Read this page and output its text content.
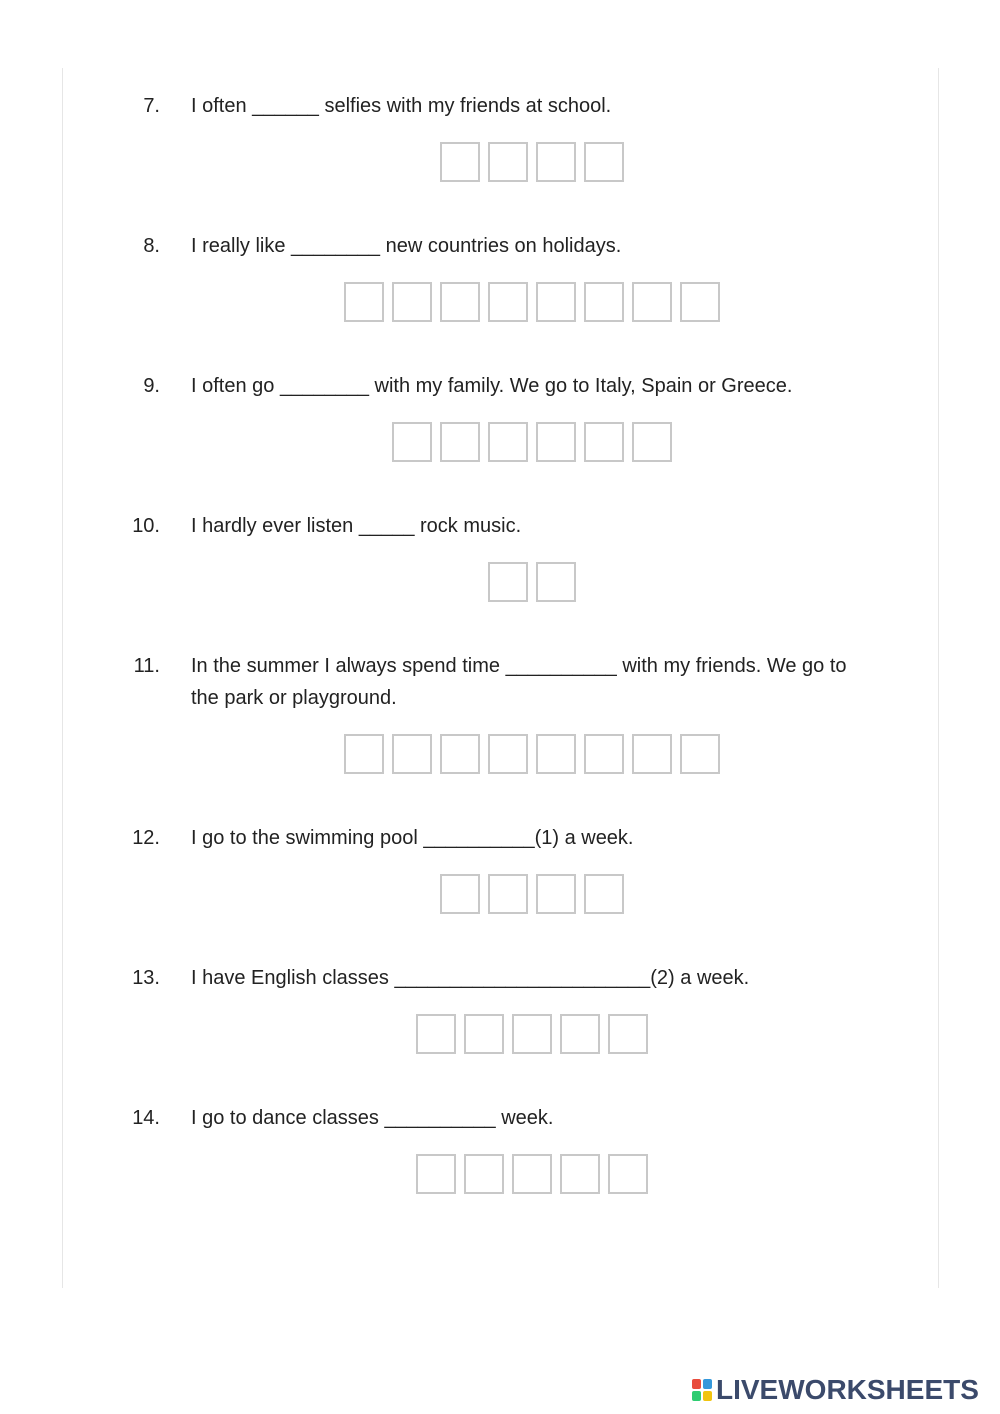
7. I often ______ selfies with my friends at school.
8. I really like ________ new countries on holidays.
9. I often go ________ with my family. We go to Italy, Spain or Greece.
10. I hardly ever listen _____ rock music.
11. In the summer I always spend time __________ with my friends. We go to the park or playground.
12. I go to the swimming pool __________(1) a week.
13. I have English classes _______________________(2) a week.
14. I go to dance classes __________ week.
LIVEWORKSHEETS
